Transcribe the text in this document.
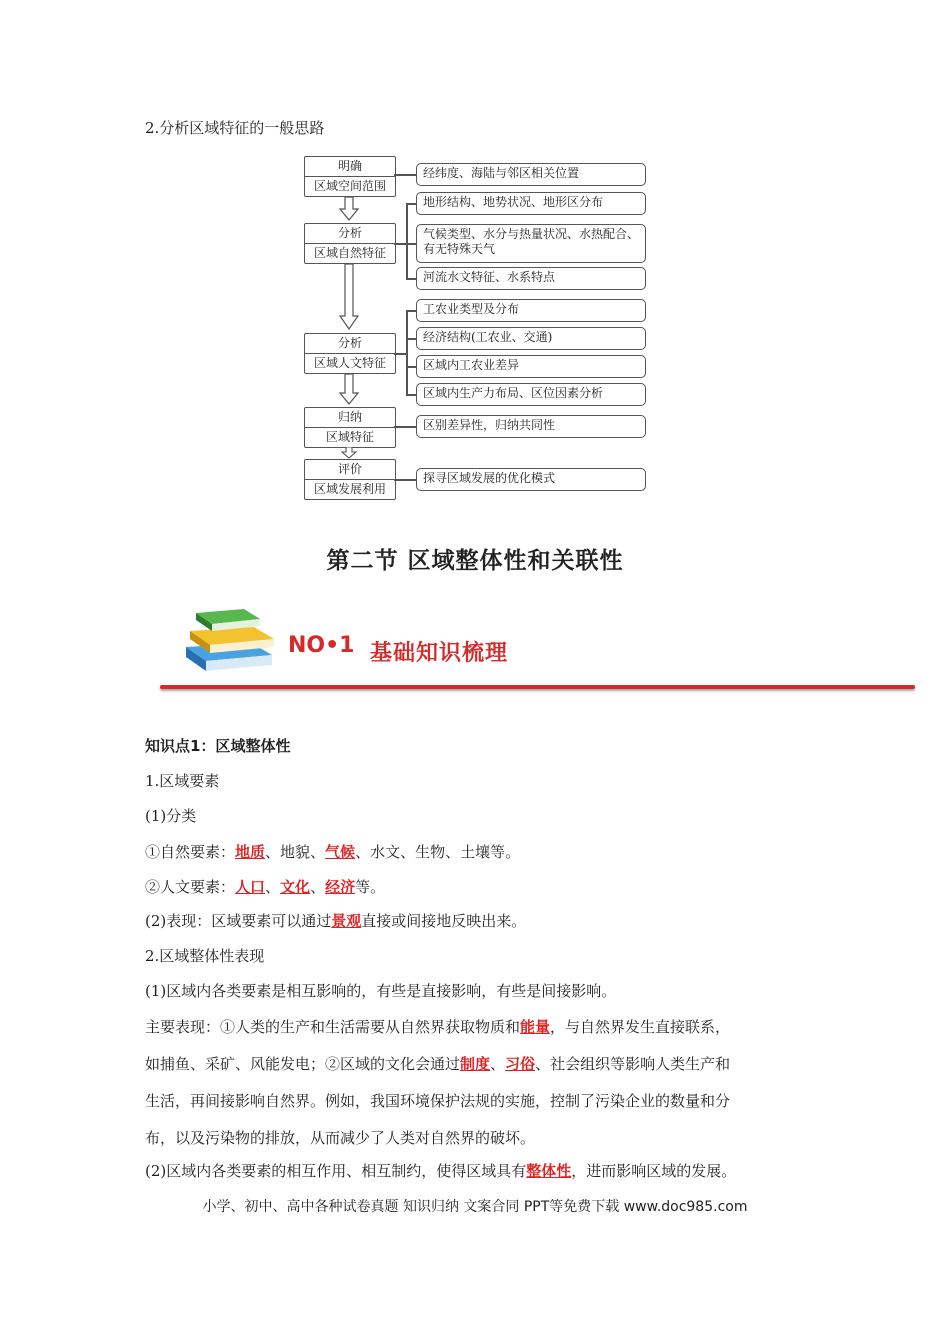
2.分析区域特征的一般思路
明确
区域空间范围
分析
区域自然特征
分析
区域人文特征
归纳
区域特征
评价
区域发展利用
经纬度、海陆与邻区相关位置
地形结构、地势状况、地形区分布
气候类型、水分与热量状况、水热配合、有无特殊天气
河流水文特征、水系特点
工农业类型及分布
经济结构(工农业、交通)
区域内工农业差异
区域内生产力布局、区位因素分析
区别差异性，归纳共同性
探寻区域发展的优化模式
第二节 区域整体性和关联性
NO•1 基础知识梳理
知识点1：区域整体性
1.区域要素
(1)分类
①自然要素：地质、地貌、气候、水文、生物、土壤等。
②人文要素：人口、文化、经济等。
(2)表现：区域要素可以通过景观直接或间接地反映出来。
2.区域整体性表现
(1)区域内各类要素是相互影响的，有些是直接影响，有些是间接影响。
主要表现：①人类的生产和生活需要从自然界获取物质和能量，与自然界发生直接联系，
如捕鱼、采矿、风能发电；②区域的文化会通过制度、习俗、社会组织等影响人类生产和
生活，再间接影响自然界。例如，我国环境保护法规的实施，控制了污染企业的数量和分
布，以及污染物的排放，从而减少了人类对自然界的破坏。
(2)区域内各类要素的相互作用、相互制约，使得区域具有整体性，进而影响区域的发展。
小学、初中、高中各种试卷真题 知识归纳 文案合同 PPT等免费下载 www.doc985.com
